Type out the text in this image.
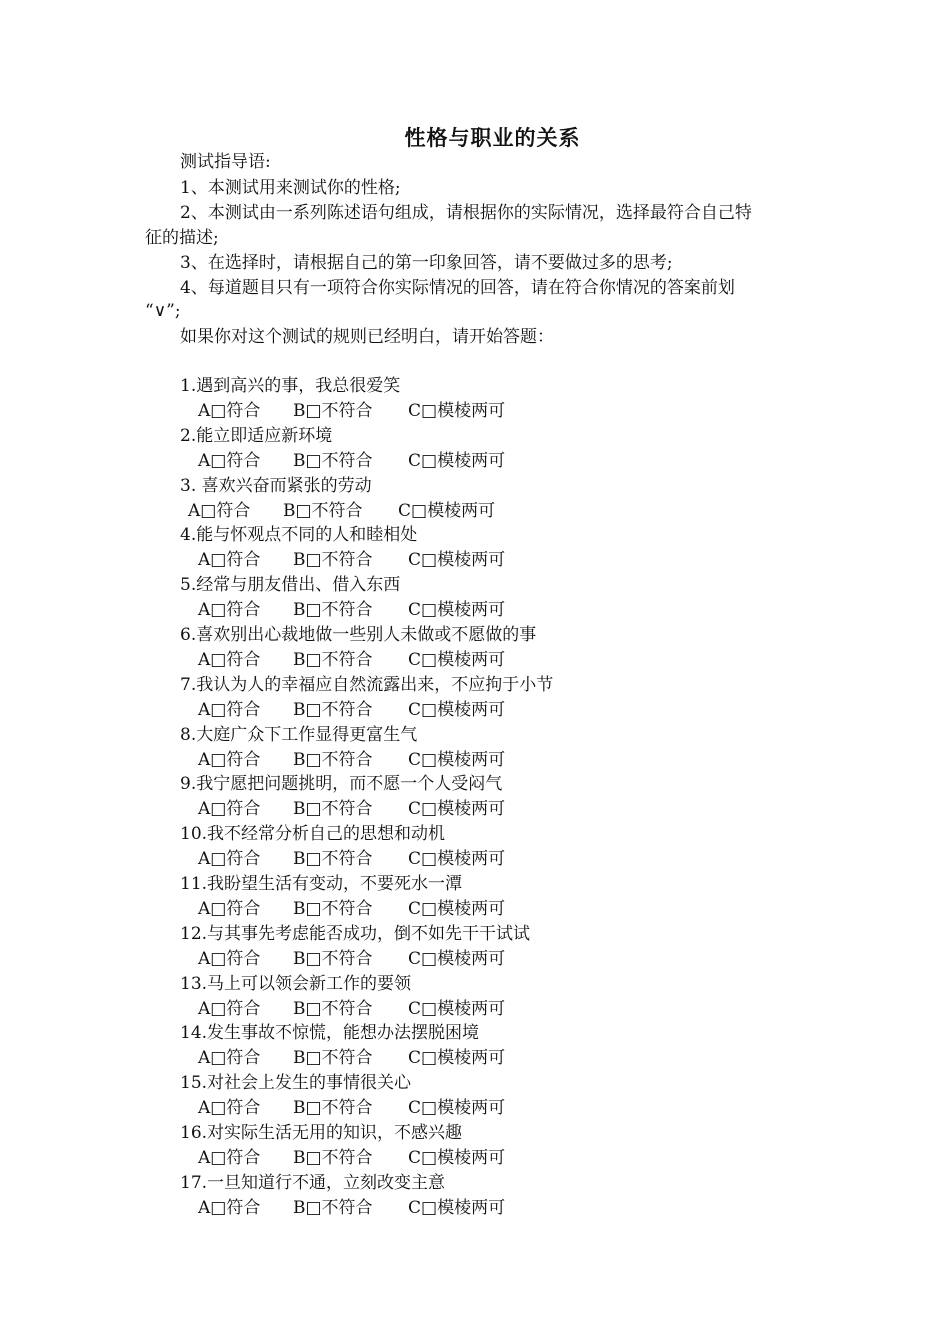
性格与职业的关系
测试指导语:
1、本测试用来测试你的性格;
2、本测试由一系列陈述语句组成，请根据你的实际情况，选择最符合自己特
征的描述;
3、在选择时，请根据自己的第一印象回答，请不要做过多的思考;
4、每道题目只有一项符合你实际情况的回答，请在符合你情况的答案前划
“∨”;
如果你对这个测试的规则已经明白，请开始答题：
1.遇到高兴的事，我总很爱笑
A□符合 B□不符合 C□模棱两可
2.能立即适应新环境
A□符合 B□不符合 C□模棱两可
3. 喜欢兴奋而紧张的劳动
A□符合 B□不符合 C□模棱两可
4.能与怀观点不同的人和睦相处
A□符合 B□不符合 C□模棱两可
5.经常与朋友借出、借入东西
A□符合 B□不符合 C□模棱两可
6.喜欢别出心裁地做一些别人未做或不愿做的事
A□符合 B□不符合 C□模棱两可
7.我认为人的幸福应自然流露出来，不应拘于小节
A□符合 B□不符合 C□模棱两可
8.大庭广众下工作显得更富生气
A□符合 B□不符合 C□模棱两可
9.我宁愿把问题挑明，而不愿一个人受闷气
A□符合 B□不符合 C□模棱两可
10.我不经常分析自己的思想和动机
A□符合 B□不符合 C□模棱两可
11.我盼望生活有变动，不要死水一潭
A□符合 B□不符合 C□模棱两可
12.与其事先考虑能否成功，倒不如先干干试试
A□符合 B□不符合 C□模棱两可
13.马上可以领会新工作的要领
A□符合 B□不符合 C□模棱两可
14.发生事故不惊慌，能想办法摆脱困境
A□符合 B□不符合 C□模棱两可
15.对社会上发生的事情很关心
A□符合 B□不符合 C□模棱两可
16.对实际生活无用的知识，不感兴趣
A□符合 B□不符合 C□模棱两可
17.一旦知道行不通，立刻改变主意
A□符合 B□不符合 C□模棱两可
